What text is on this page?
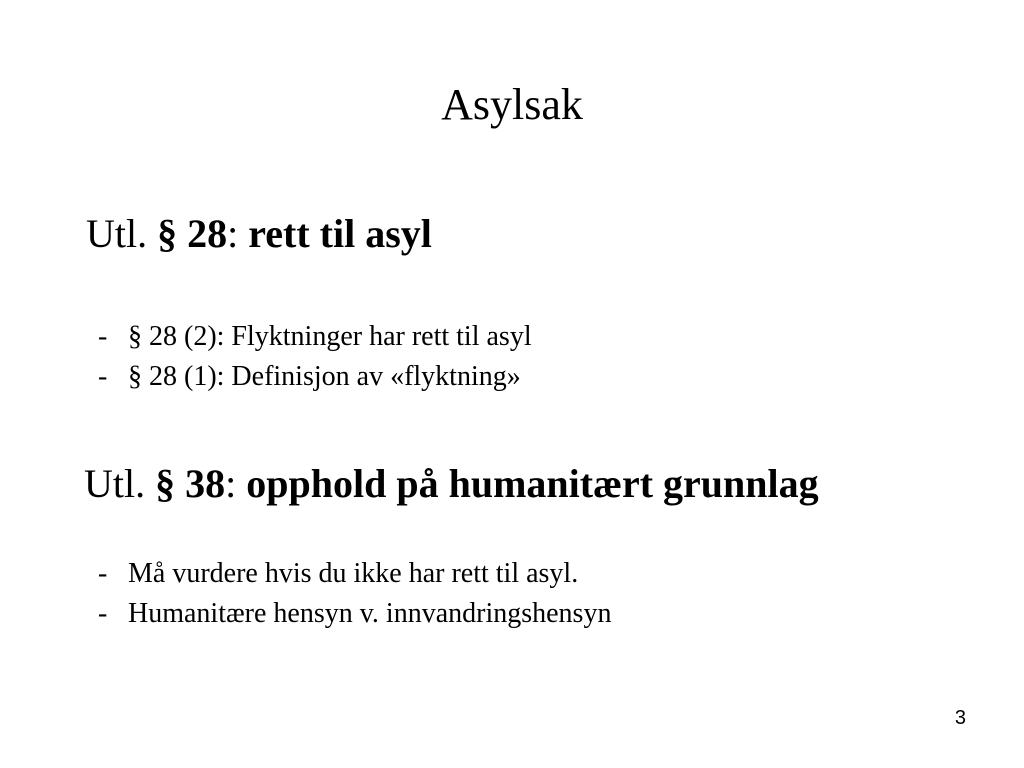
Asylsak
Utl. § 28: rett til asyl
- § 28 (2): Flyktninger har rett til asyl
- § 28 (1): Definisjon av «flyktning»
Utl. § 38: opphold på humanitært grunnlag
- Må vurdere hvis du ikke har rett til asyl.
- Humanitære hensyn v. innvandringshensyn
3
